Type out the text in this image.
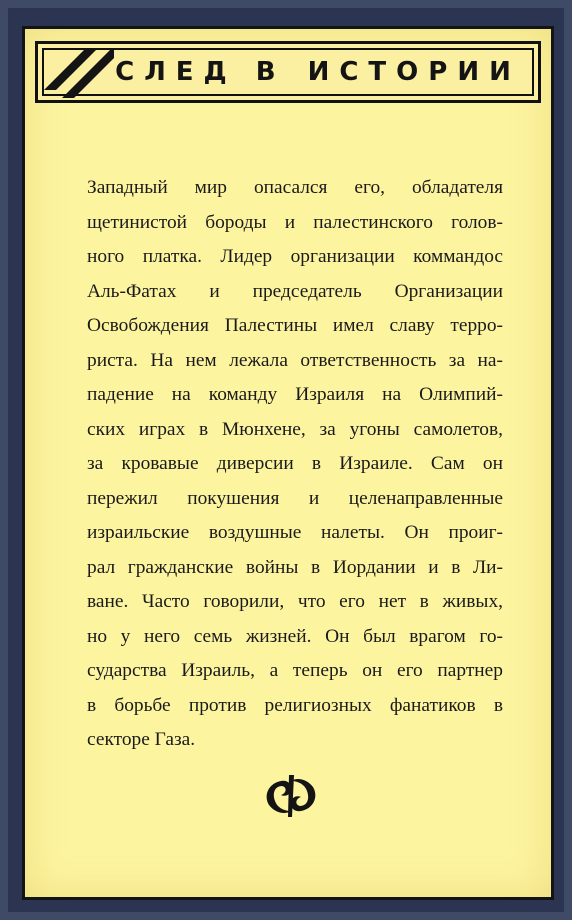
СЛЕД В ИСТОРИИ

Западный мир опасался его, обладателя
щетинистой бороды и палестинского голов-
ного платка. Лидер организации коммандос
Аль-Фатах и председатель Организации
Освобождения Палестины имел славу терро-
риста. На нем лежала ответственность за на-
падение на команду Израиля на Олимпий-
ских играх в Мюнхене, за угоны самолетов,
за кровавые диверсии в Израиле. Сам он
пережил покушения и целенаправленные
израильские воздушные налеты. Он проиг-
рал гражданские войны в Иордании и в Ли-
ване. Часто говорили, что его нет в живых,
но у него семь жизней. Он был врагом го-
сударства Израиль, а теперь он его партнер
в борьбе против религиозных фанатиков в
секторе Газа.
